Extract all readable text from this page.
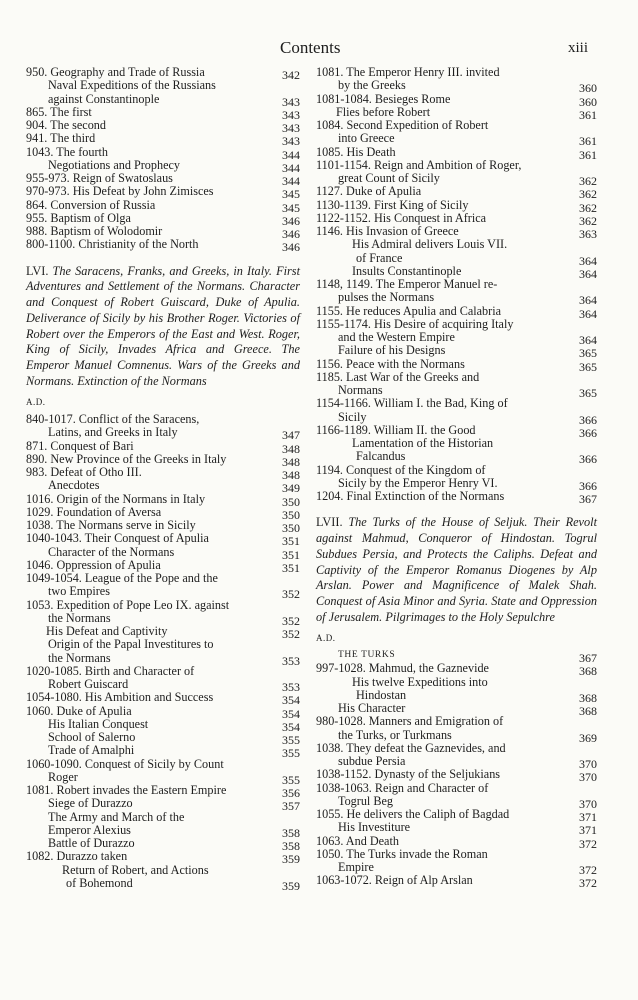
Contents	xiii
950. Geography and Trade of Russia	342
Naval Expeditions of the Russians
against Constantinople	343
865. The first	343
904. The second	343
941. The third	343
1043. The fourth	344
Negotiations and Prophecy	344
955-973. Reign of Swatoslaus	344
970-973. His Defeat by John Zimisces	345
864. Conversion of Russia	345
955. Baptism of Olga	346
988. Baptism of Wolodomir	346
800-1100. Christianity of the North	346
LVI. The Saracens, Franks, and Greeks, in Italy. First Adventures and Settlement of the Normans. Character and Conquest of Robert Guiscard, Duke of Apulia. Deliverance of Sicily by his Brother Roger. Victories of Robert over the Emperors of the East and West. Roger, King of Sicily, Invades Africa and Greece. The Emperor Manuel Comnenus. Wars of the Greeks and Normans. Extinction of the Normans
A.D.
840-1017. Conflict of the Saracens,
Latins, and Greeks in Italy	347
871. Conquest of Bari	348
890. New Province of the Greeks in Italy	348
983. Defeat of Otho III.	348
Anecdotes	349
1016. Origin of the Normans in Italy	350
1029. Foundation of Aversa	350
1038. The Normans serve in Sicily	350
1040-1043. Their Conquest of Apulia	351
Character of the Normans	351
1046. Oppression of Apulia	351
1049-1054. League of the Pope and the
two Empires	352
1053. Expedition of Pope Leo IX. against
the Normans	352
His Defeat and Captivity	352
Origin of the Papal Investitures to
the Normans	353
1020-1085. Birth and Character of
Robert Guiscard	353
1054-1080. His Ambition and Success	354
1060. Duke of Apulia	354
His Italian Conquest	354
School of Salerno	355
Trade of Amalphi	355
1060-1090. Conquest of Sicily by Count
Roger	355
1081. Robert invades the Eastern Empire	356
Siege of Durazzo	357
The Army and March of the
Emperor Alexius	358
Battle of Durazzo	358
1082. Durazzo taken	359
Return of Robert, and Actions
of Bohemond	359
1081. The Emperor Henry III. invited
by the Greeks	360
1081-1084. Besieges Rome	360
Flies before Robert	361
1084. Second Expedition of Robert
into Greece	361
1085. His Death	361
1101-1154. Reign and Ambition of Roger,
great Count of Sicily	362
1127. Duke of Apulia	362
1130-1139. First King of Sicily	362
1122-1152. His Conquest in Africa	362
1146. His Invasion of Greece	363
His Admiral delivers Louis VII.
of France	364
Insults Constantinople	364
1148, 1149. The Emperor Manuel re-
pulses the Normans	364
1155. He reduces Apulia and Calabria	364
1155-1174. His Desire of acquiring Italy
and the Western Empire	364
Failure of his Designs	365
1156. Peace with the Normans	365
1185. Last War of the Greeks and
Normans	365
1154-1166. William I. the Bad, King of
Sicily	366
1166-1189. William II. the Good	366
Lamentation of the Historian
Falcandus	366
1194. Conquest of the Kingdom of
Sicily by the Emperor Henry VI.	366
1204. Final Extinction of the Normans	367
LVII. The Turks of the House of Seljuk. Their Revolt against Mahmud, Conqueror of Hindostan. Togrul Subdues Persia, and Protects the Caliphs. Defeat and Captivity of the Emperor Romanus Diogenes by Alp Arslan. Power and Magnificence of Malek Shah. Conquest of Asia Minor and Syria. State and Oppression of Jerusalem. Pilgrimages to the Holy Sepulchre
A.D.
THE TURKS	367
997-1028. Mahmud, the Gaznevide	368
His twelve Expeditions into
Hindostan	368
His Character	368
980-1028. Manners and Emigration of
the Turks, or Turkmans	369
1038. They defeat the Gaznevides, and
subdue Persia	370
1038-1152. Dynasty of the Seljukians	370
1038-1063. Reign and Character of
Togrul Beg	370
1055. He delivers the Caliph of Bagdad	371
His Investiture	371
1063. And Death	372
1050. The Turks invade the Roman
Empire	372
1063-1072. Reign of Alp Arslan	372
